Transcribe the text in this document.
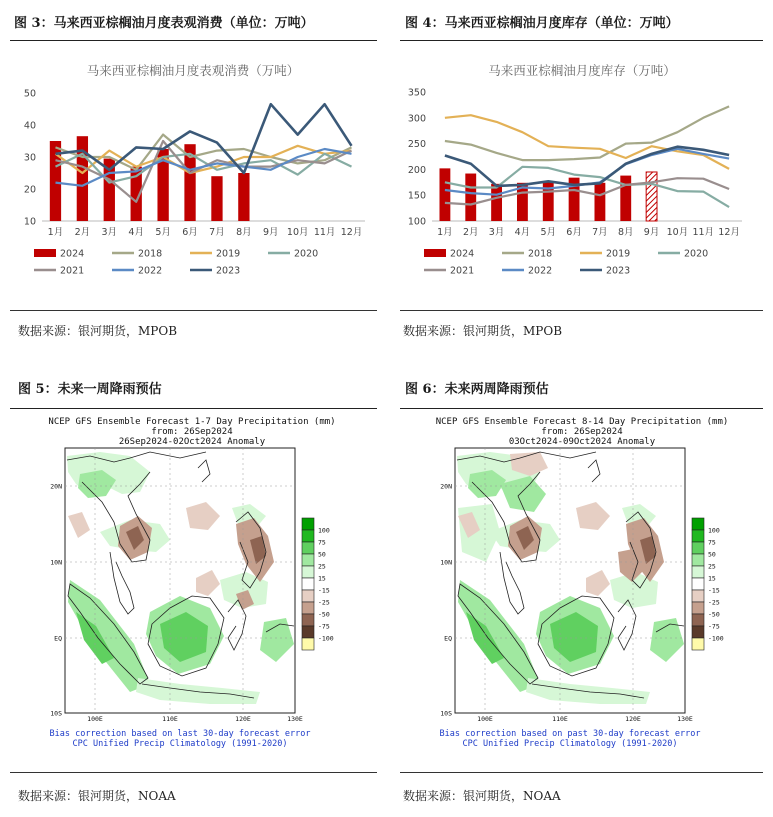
图 3：马来西亚棕榈油月度表观消费（单位：万吨）
马来西亚棕榈油月度表观消费（万吨）
10
20
30
40
50
1月 2月 3月 4月 5月 6月 7月 8月 9月 10月 11月 12月
2024	2018	2019	2020
2021	2022	2023
数据来源：银河期货，MPOB
图 4：马来西亚棕榈油月度库存（单位：万吨）
马来西亚棕榈油月度库存（万吨）
100
150
200
250
300
350
1月 2月 3月 4月 5月 6月 7月 8月 9月 10月 11月 12月
2024	2018	2019	2020
2021	2022	2023
数据来源：银河期货，MPOB
图 5：未来一周降雨预估
NCEP GFS Ensemble Forecast 1-7 Day Precipitation (mm)
from: 26Sep2024
26Sep2024-02Oct2024 Anomaly
20N
10N
EQ
10S
100E	110E	120E	130E
100
75
50
25
15
-15
-25
-50
-75
-100
Bias correction based on last 30-day forecast error
CPC Unified Precip Climatology (1991-2020)
数据来源：银河期货，NOAA
图 6：未来两周降雨预估
NCEP GFS Ensemble Forecast 8-14 Day Precipitation (mm)
from: 26Sep2024
03Oct2024-09Oct2024 Anomaly
20N
10N
EQ
10S
100E	110E	120E	130E
100
75
50
25
15
-15
-25
-50
-75
-100
Bias correction based on past 30-day forecast error
CPC Unified Precip Climatology (1991-2020)
数据来源：银河期货，NOAA
